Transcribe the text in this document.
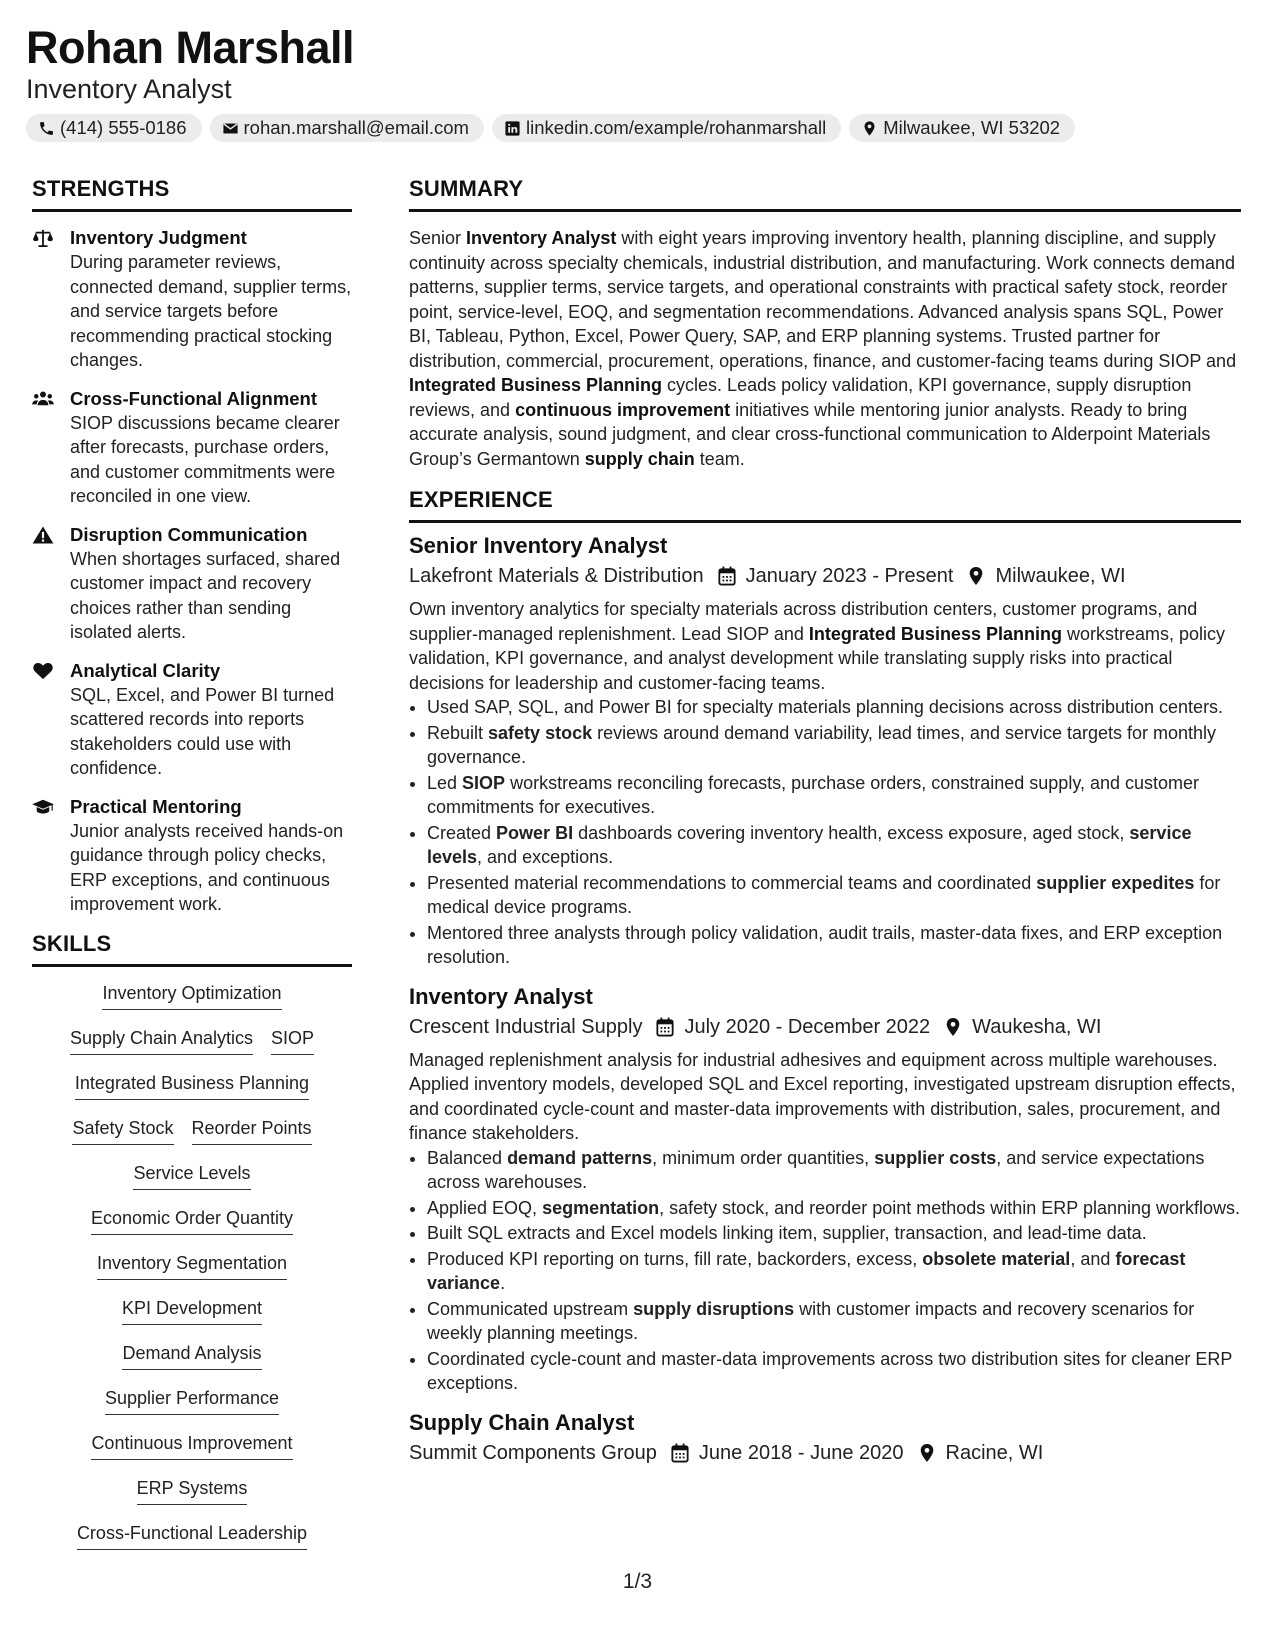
Rohan Marshall
Inventory Analyst
(414) 555-0186	rohan.marshall@email.com	linkedin.com/example/rohanmarshall	Milwaukee, WI 53202
STRENGTHS
Inventory Judgment
During parameter reviews, connected demand, supplier terms, and service targets before recommending practical stocking changes.
Cross-Functional Alignment
SIOP discussions became clearer after forecasts, purchase orders, and customer commitments were reconciled in one view.
Disruption Communication
When shortages surfaced, shared customer impact and recovery choices rather than sending isolated alerts.
Analytical Clarity
SQL, Excel, and Power BI turned scattered records into reports stakeholders could use with confidence.
Practical Mentoring
Junior analysts received hands-on guidance through policy checks, ERP exceptions, and continuous improvement work.
SKILLS
Inventory Optimization
Supply Chain Analytics SIOP
Integrated Business Planning
Safety Stock Reorder Points
Service Levels
Economic Order Quantity
Inventory Segmentation
KPI Development
Demand Analysis
Supplier Performance
Continuous Improvement
ERP Systems
Cross-Functional Leadership
SUMMARY
Senior Inventory Analyst with eight years improving inventory health, planning discipline, and supply continuity across specialty chemicals, industrial distribution, and manufacturing. Work connects demand patterns, supplier terms, service targets, and operational constraints with practical safety stock, reorder point, service-level, EOQ, and segmentation recommendations. Advanced analysis spans SQL, Power BI, Tableau, Python, Excel, Power Query, SAP, and ERP planning systems. Trusted partner for distribution, commercial, procurement, operations, finance, and customer-facing teams during SIOP and Integrated Business Planning cycles. Leads policy validation, KPI governance, supply disruption reviews, and continuous improvement initiatives while mentoring junior analysts. Ready to bring accurate analysis, sound judgment, and clear cross-functional communication to Alderpoint Materials Group’s Germantown supply chain team.
EXPERIENCE
Senior Inventory Analyst
Lakefront Materials & Distribution January 2023 - Present Milwaukee, WI
Own inventory analytics for specialty materials across distribution centers, customer programs, and supplier-managed replenishment. Lead SIOP and Integrated Business Planning workstreams, policy validation, KPI governance, and analyst development while translating supply risks into practical decisions for leadership and customer-facing teams.
• Used SAP, SQL, and Power BI for specialty materials planning decisions across distribution centers.
• Rebuilt safety stock reviews around demand variability, lead times, and service targets for monthly governance.
• Led SIOP workstreams reconciling forecasts, purchase orders, constrained supply, and customer commitments for executives.
• Created Power BI dashboards covering inventory health, excess exposure, aged stock, service levels, and exceptions.
• Presented material recommendations to commercial teams and coordinated supplier expedites for medical device programs.
• Mentored three analysts through policy validation, audit trails, master-data fixes, and ERP exception resolution.
Inventory Analyst
Crescent Industrial Supply July 2020 - December 2022 Waukesha, WI
Managed replenishment analysis for industrial adhesives and equipment across multiple warehouses. Applied inventory models, developed SQL and Excel reporting, investigated upstream disruption effects, and coordinated cycle-count and master-data improvements with distribution, sales, procurement, and finance stakeholders.
• Balanced demand patterns, minimum order quantities, supplier costs, and service expectations across warehouses.
• Applied EOQ, segmentation, safety stock, and reorder point methods within ERP planning workflows.
• Built SQL extracts and Excel models linking item, supplier, transaction, and lead-time data.
• Produced KPI reporting on turns, fill rate, backorders, excess, obsolete material, and forecast variance.
• Communicated upstream supply disruptions with customer impacts and recovery scenarios for weekly planning meetings.
• Coordinated cycle-count and master-data improvements across two distribution sites for cleaner ERP exceptions.
Supply Chain Analyst
Summit Components Group June 2018 - June 2020 Racine, WI
1/3
